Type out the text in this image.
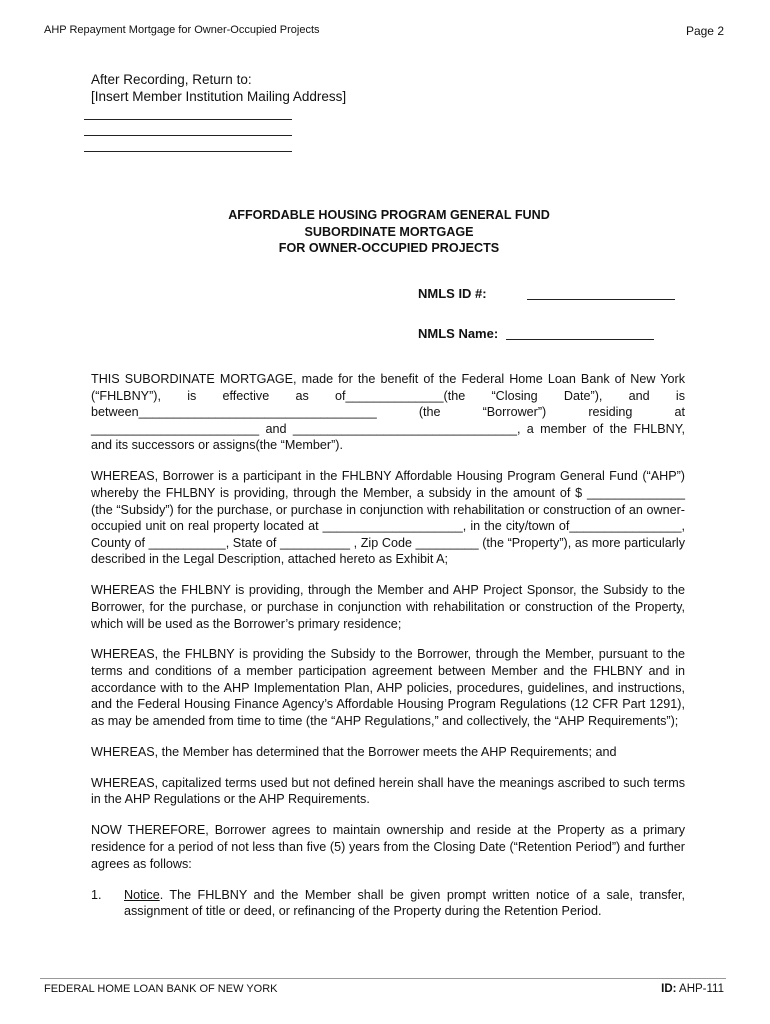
AHP Repayment Mortgage for Owner-Occupied Projects	Page 2
After Recording, Return to:
[Insert Member Institution Mailing Address]
AFFORDABLE HOUSING PROGRAM GENERAL FUND
SUBORDINATE MORTGAGE
FOR OWNER-OCCUPIED PROJECTS
NMLS ID #:
NMLS Name:

THIS SUBORDINATE MORTGAGE, made for the benefit of the Federal Home Loan Bank of New York (“FHLBNY”), is effective as of______________(the “Closing Date”), and is between__________________________________ (the “Borrower”) residing at ________________________ and ________________________________, a member of the FHLBNY, and its successors or assigns(the “Member”).

WHEREAS, Borrower is a participant in the FHLBNY Affordable Housing Program General Fund (“AHP”) whereby the FHLBNY is providing, through the Member, a subsidy in the amount of $ ______________ (the “Subsidy”) for the purchase, or purchase in conjunction with rehabilitation or construction of an owner-occupied unit on real property located at ____________________, in the city/town of________________, County of ___________, State of __________ , Zip Code _________ (the “Property”), as more particularly described in the Legal Description, attached hereto as Exhibit A;

WHEREAS the FHLBNY is providing, through the Member and AHP Project Sponsor, the Subsidy to the Borrower, for the purchase, or purchase in conjunction with rehabilitation or construction of the Property, which will be used as the Borrower’s primary residence;

WHEREAS, the FHLBNY is providing the Subsidy to the Borrower, through the Member, pursuant to the terms and conditions of a member participation agreement between Member and the FHLBNY and in accordance with to the AHP Implementation Plan, AHP policies, procedures, guidelines, and instructions, and the Federal Housing Finance Agency’s Affordable Housing Program Regulations (12 CFR Part 1291), as may be amended from time to time (the “AHP Regulations,” and collectively, the “AHP Requirements”);

WHEREAS, the Member has determined that the Borrower meets the AHP Requirements; and

WHEREAS, capitalized terms used but not defined herein shall have the meanings ascribed to such terms in the AHP Regulations or the AHP Requirements.

NOW THEREFORE, Borrower agrees to maintain ownership and reside at the Property as a primary residence for a period of not less than five (5) years from the Closing Date (“Retention Period”) and further agrees as follows:

1.	Notice. The FHLBNY and the Member shall be given prompt written notice of a sale, transfer, assignment of title or deed, or refinancing of the Property during the Retention Period.
FEDERAL HOME LOAN BANK OF NEW YORK	ID: AHP-111
